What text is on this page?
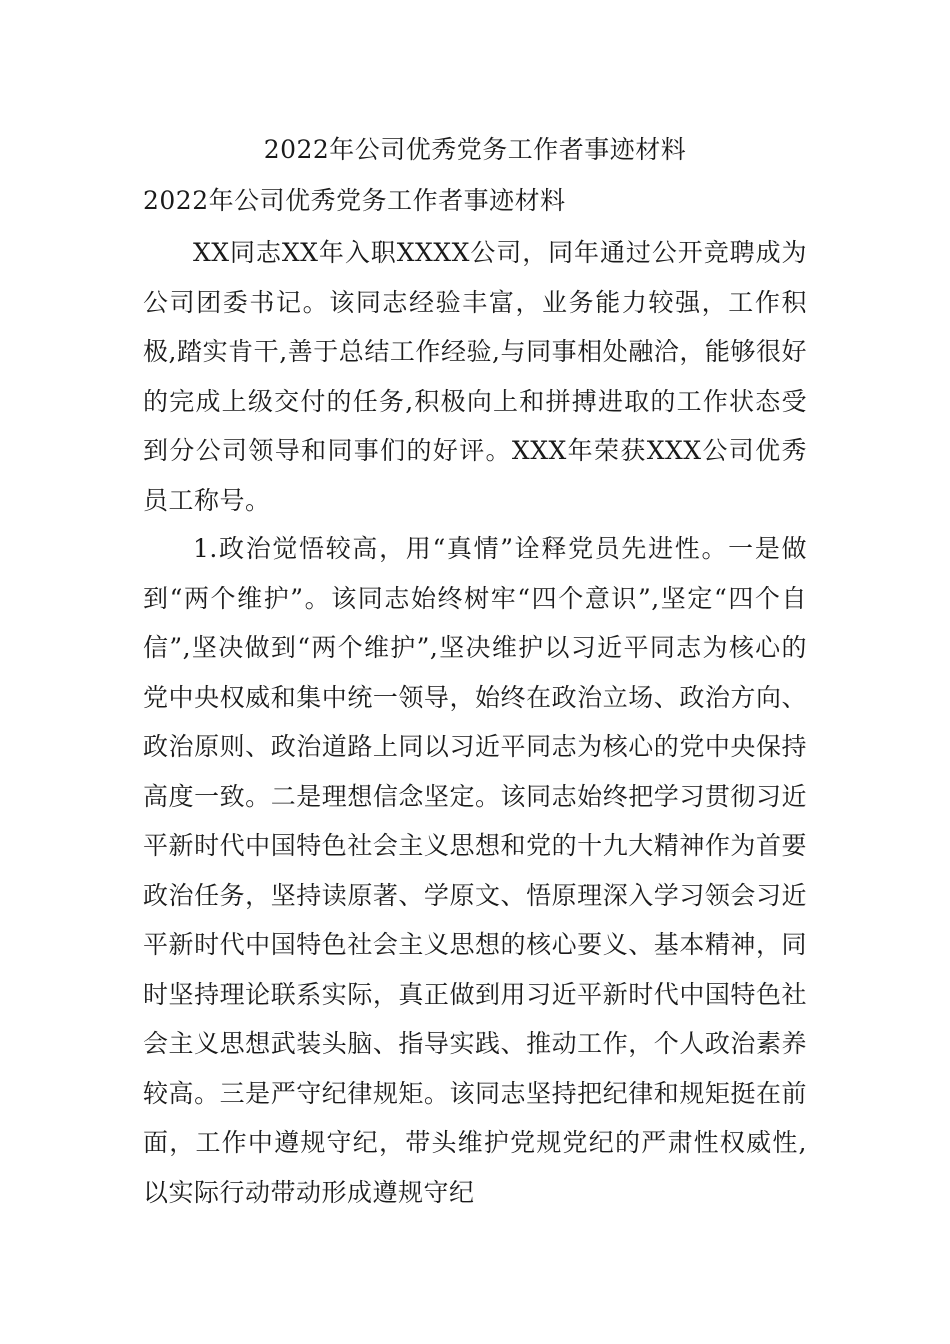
2022年公司优秀党务工作者事迹材料

2022年公司优秀党务工作者事迹材料

XX同志XX年入职XXXX公司，同年通过公开竞聘成为公司团委书记。该同志经验丰富，业务能力较强，工作积极,踏实肯干,善于总结工作经验,与同事相处融洽，能够很好的完成上级交付的任务,积极向上和拼搏进取的工作状态受到分公司领导和同事们的好评。XXX年荣获XXX公司优秀员工称号。

1.政治觉悟较高，用“真情”诠释党员先进性。一是做到“两个维护”。该同志始终树牢“四个意识”,坚定“四个自信”,坚决做到“两个维护”,坚决维护以习近平同志为核心的党中央权威和集中统一领导，始终在政治立场、政治方向、政治原则、政治道路上同以习近平同志为核心的党中央保持高度一致。二是理想信念坚定。该同志始终把学习贯彻习近平新时代中国特色社会主义思想和党的十九大精神作为首要政治任务，坚持读原著、学原文、悟原理深入学习领会习近平新时代中国特色社会主义思想的核心要义、基本精神，同时坚持理论联系实际，真正做到用习近平新时代中国特色社会主义思想武装头脑、指导实践、推动工作，个人政治素养较高。三是严守纪律规矩。该同志坚持把纪律和规矩挺在前面，工作中遵规守纪，带头维护党规党纪的严肃性权威性,以实际行动带动形成遵规守纪
